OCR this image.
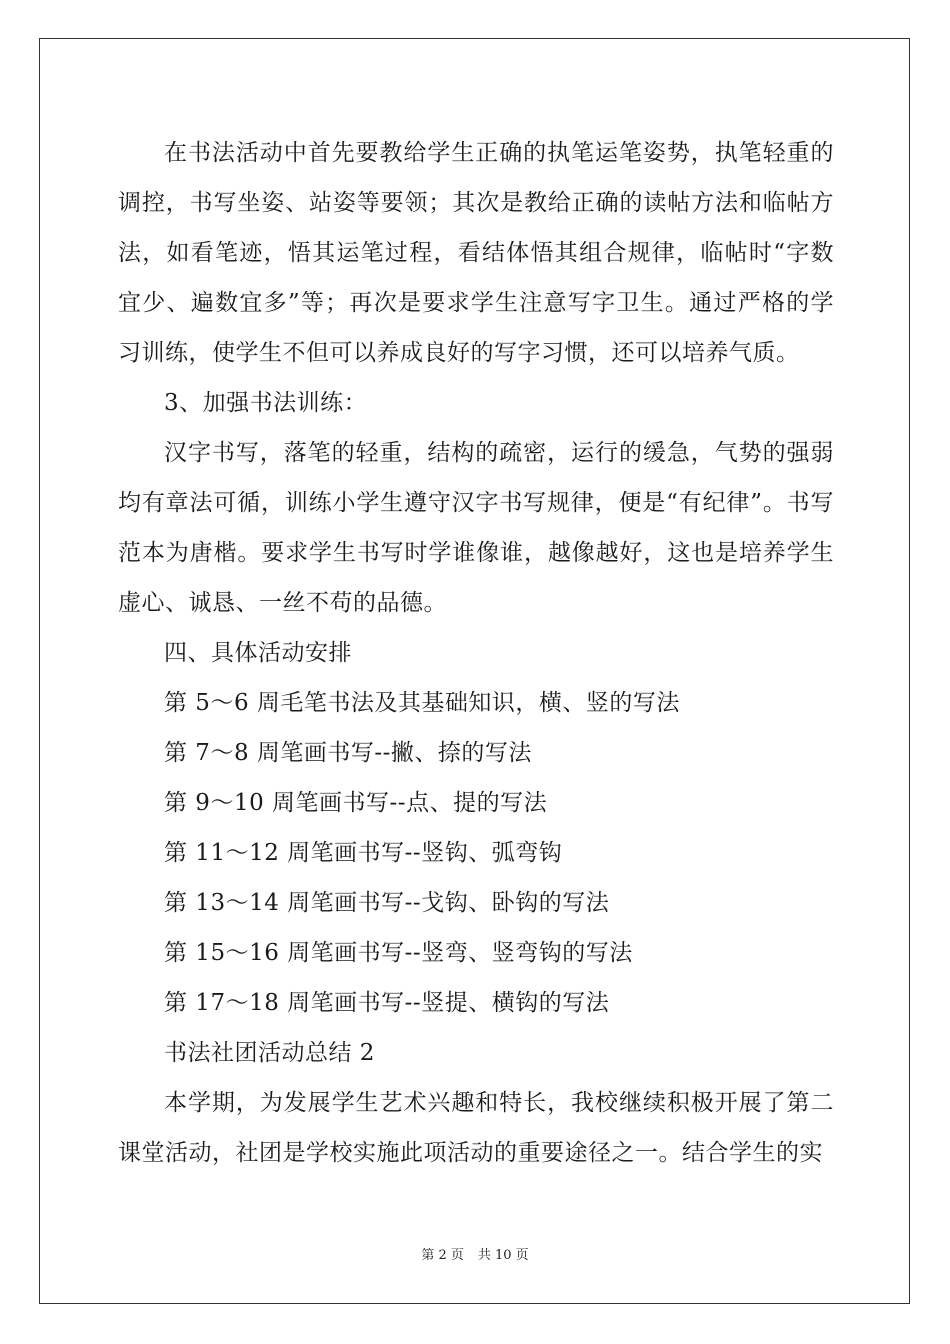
在书法活动中首先要教给学生正确的执笔运笔姿势，执笔轻重的调控，书写坐姿、站姿等要领；其次是教给正确的读帖方法和临帖方法，如看笔迹，悟其运笔过程，看结体悟其组合规律，临帖时“字数宜少、遍数宜多”等；再次是要求学生注意写字卫生。通过严格的学习训练，使学生不但可以养成良好的写字习惯，还可以培养气质。

3、加强书法训练：

汉字书写，落笔的轻重，结构的疏密，运行的缓急，气势的强弱均有章法可循，训练小学生遵守汉字书写规律，便是“有纪律”。书写范本为唐楷。要求学生书写时学谁像谁，越像越好，这也是培养学生虚心、诚恳、一丝不苟的品德。

四、具体活动安排

第 5～6 周毛笔书法及其基础知识，横、竖的写法

第 7～8 周笔画书写--撇、捺的写法

第 9～10 周笔画书写--点、提的写法

第 11～12 周笔画书写--竖钩、弧弯钩

第 13～14 周笔画书写--戈钩、卧钩的写法

第 15～16 周笔画书写--竖弯、竖弯钩的写法

第 17～18 周笔画书写--竖提、横钩的写法

书法社团活动总结 2

本学期，为发展学生艺术兴趣和特长，我校继续积极开展了第二课堂活动，社团是学校实施此项活动的重要途径之一。结合学生的实

第 2 页 共 10 页
